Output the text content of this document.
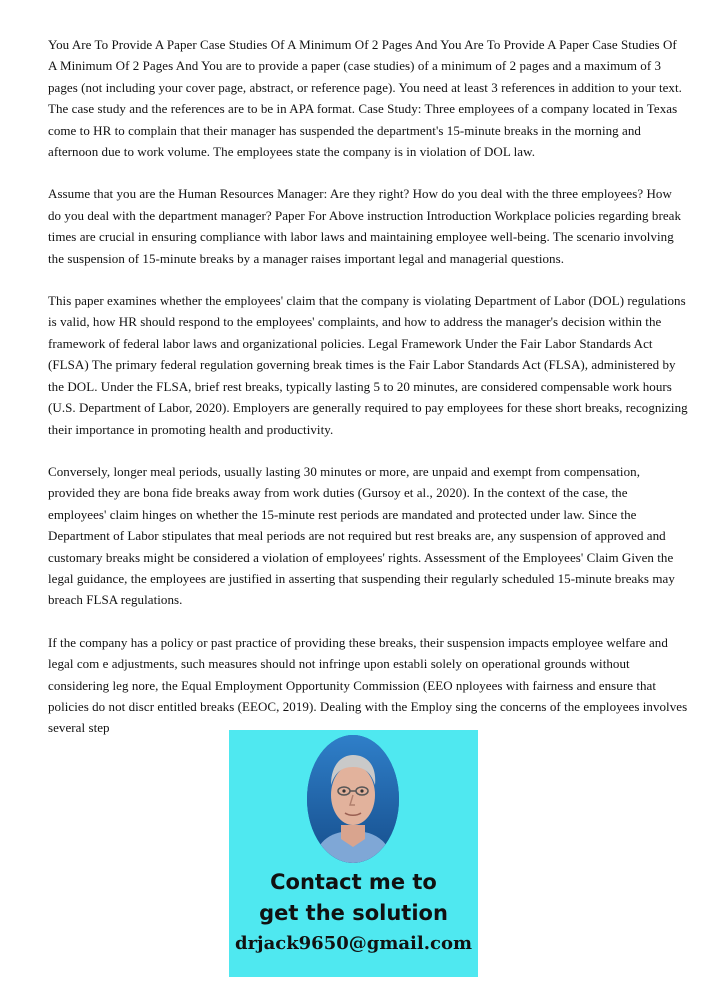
You Are To Provide A Paper Case Studies Of A Minimum Of 2 Pages And You Are To Provide A Paper Case Studies Of A Minimum Of 2 Pages And You are to provide a paper (case studies) of a minimum of 2 pages and a maximum of 3 pages (not including your cover page, abstract, or reference page). You need at least 3 references in addition to your text. The case study and the references are to be in APA format. Case Study: Three employees of a company located in Texas come to HR to complain that their manager has suspended the department's 15-minute breaks in the morning and afternoon due to work volume. The employees state the company is in violation of DOL law.

Assume that you are the Human Resources Manager: Are they right? How do you deal with the three employees? How do you deal with the department manager? Paper For Above instruction Introduction Workplace policies regarding break times are crucial in ensuring compliance with labor laws and maintaining employee well-being. The scenario involving the suspension of 15-minute breaks by a manager raises important legal and managerial questions.

This paper examines whether the employees' claim that the company is violating Department of Labor (DOL) regulations is valid, how HR should respond to the employees' complaints, and how to address the manager's decision within the framework of federal labor laws and organizational policies. Legal Framework Under the Fair Labor Standards Act (FLSA) The primary federal regulation governing break times is the Fair Labor Standards Act (FLSA), administered by the DOL. Under the FLSA, brief rest breaks, typically lasting 5 to 20 minutes, are considered compensable work hours (U.S. Department of Labor, 2020). Employers are generally required to pay employees for these short breaks, recognizing their importance in promoting health and productivity.

Conversely, longer meal periods, usually lasting 30 minutes or more, are unpaid and exempt from compensation, provided they are bona fide breaks away from work duties (Gursoy et al., 2020). In the context of the case, the employees' claim hinges on whether the 15-minute rest periods are mandated and protected under law. Since the Department of Labor stipulates that meal periods are not required but rest breaks are, any suspension of approved and customary breaks might be considered a violation of employees' rights. Assessment of the Employees' Claim Given the legal guidance, the employees are justified in asserting that suspending their regularly scheduled 15-minute breaks may breach FLSA regulations.

If the company has a policy or past practice of providing these breaks, their suspension impacts employee welfare and legal com e adjustments, such measures should not infringe upon establi solely on operational grounds without considering leg nore, the Equal Employment Opportunity Commission (EEO nployees with fairness and ensure that policies do not discr entitled breaks (EEOC, 2019). Dealing with the Employ sing the concerns of the employees involves several step

Contact me to
get the solution
drjack9650@gmail.com
